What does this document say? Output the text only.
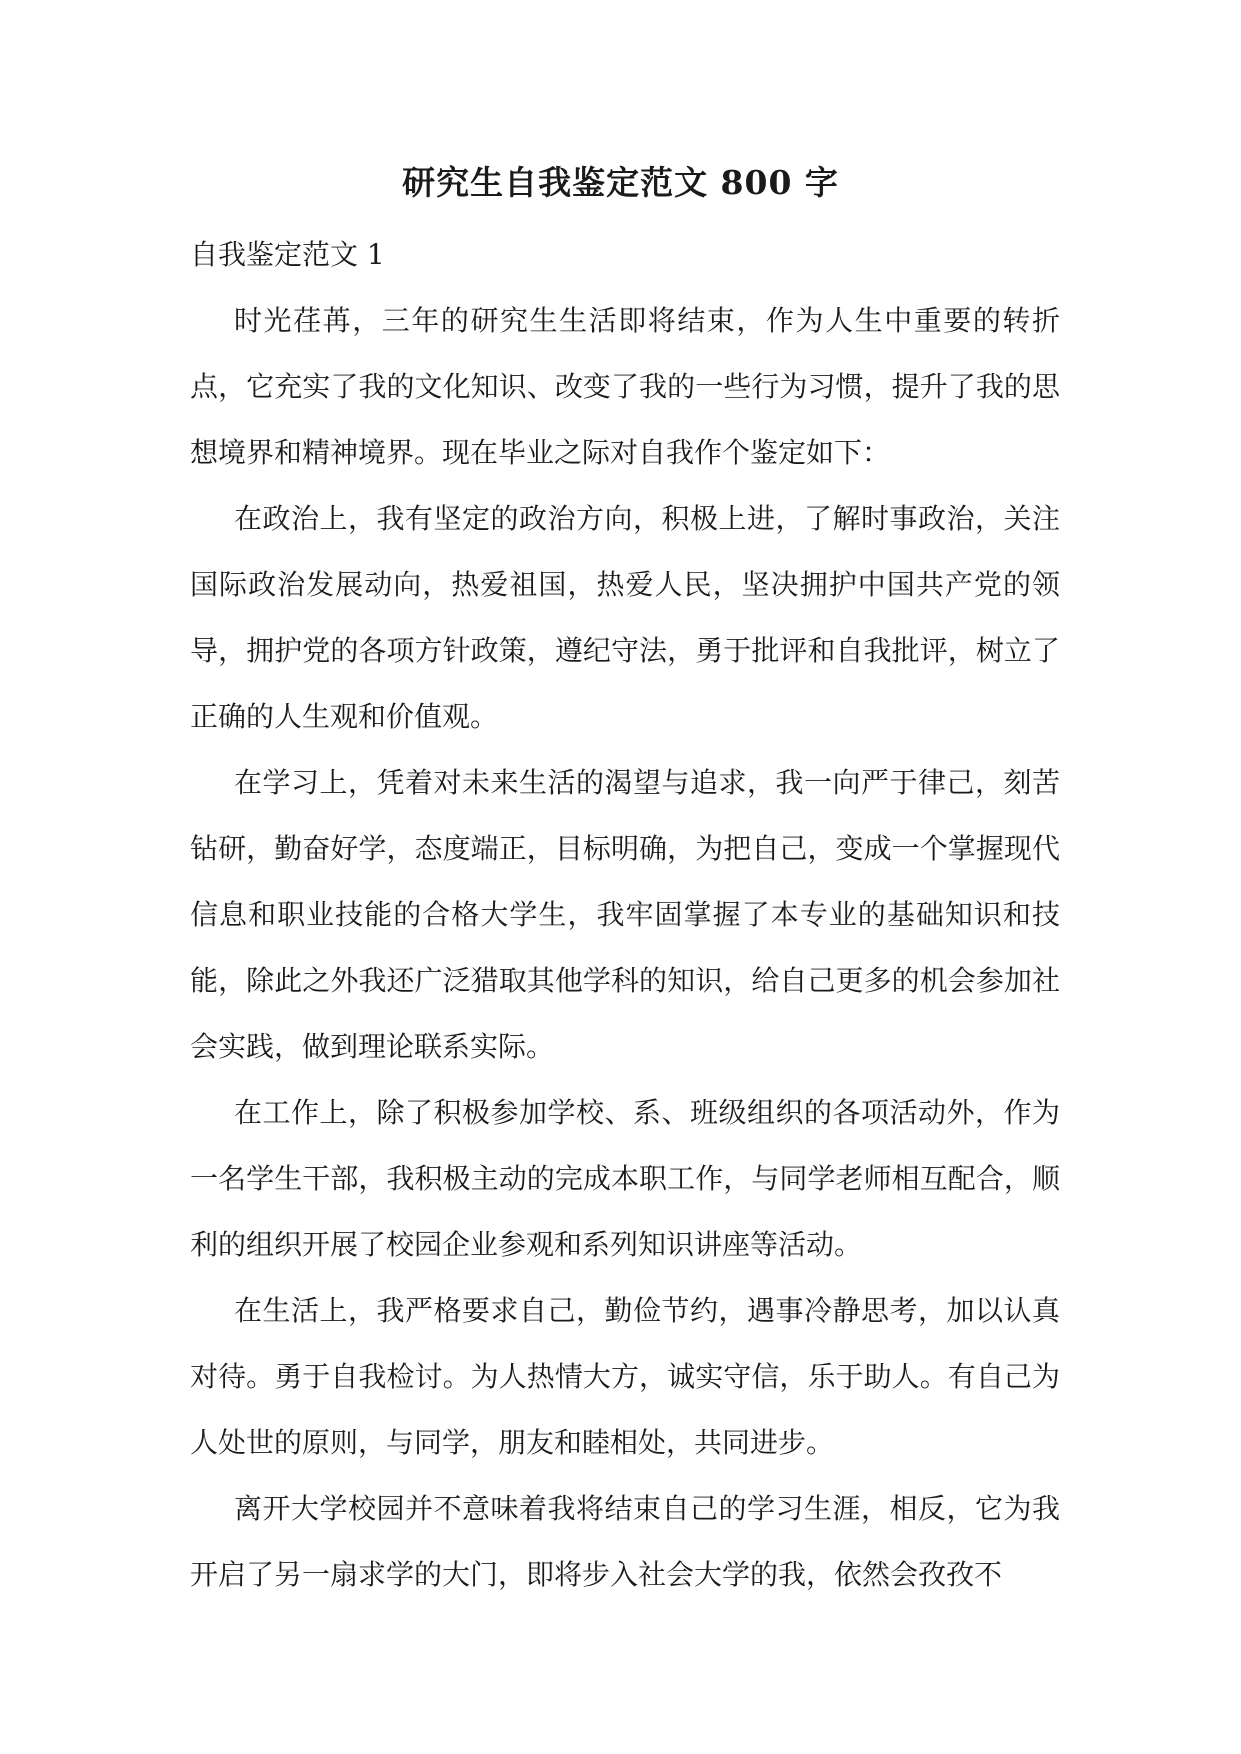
研究生自我鉴定范文 800 字

自我鉴定范文 1

时光荏苒，三年的研究生生活即将结束，作为人生中重要的转折点，它充实了我的文化知识、改变了我的一些行为习惯，提升了我的思想境界和精神境界。现在毕业之际对自我作个鉴定如下：

在政治上，我有坚定的政治方向，积极上进，了解时事政治，关注国际政治发展动向，热爱祖国，热爱人民，坚决拥护中国共产党的领导，拥护党的各项方针政策，遵纪守法，勇于批评和自我批评，树立了正确的人生观和价值观。

在学习上，凭着对未来生活的渴望与追求，我一向严于律己，刻苦钻研，勤奋好学，态度端正，目标明确，为把自己，变成一个掌握现代信息和职业技能的合格大学生，我牢固掌握了本专业的基础知识和技能，除此之外我还广泛猎取其他学科的知识，给自己更多的机会参加社会实践，做到理论联系实际。

在工作上，除了积极参加学校、系、班级组织的各项活动外，作为一名学生干部，我积极主动的完成本职工作，与同学老师相互配合，顺利的组织开展了校园企业参观和系列知识讲座等活动。

在生活上，我严格要求自己，勤俭节约，遇事冷静思考，加以认真对待。勇于自我检讨。为人热情大方，诚实守信，乐于助人。有自己为人处世的原则，与同学，朋友和睦相处，共同进步。

离开大学校园并不意味着我将结束自己的学习生涯，相反，它为我开启了另一扇求学的大门，即将步入社会大学的我，依然会孜孜不
